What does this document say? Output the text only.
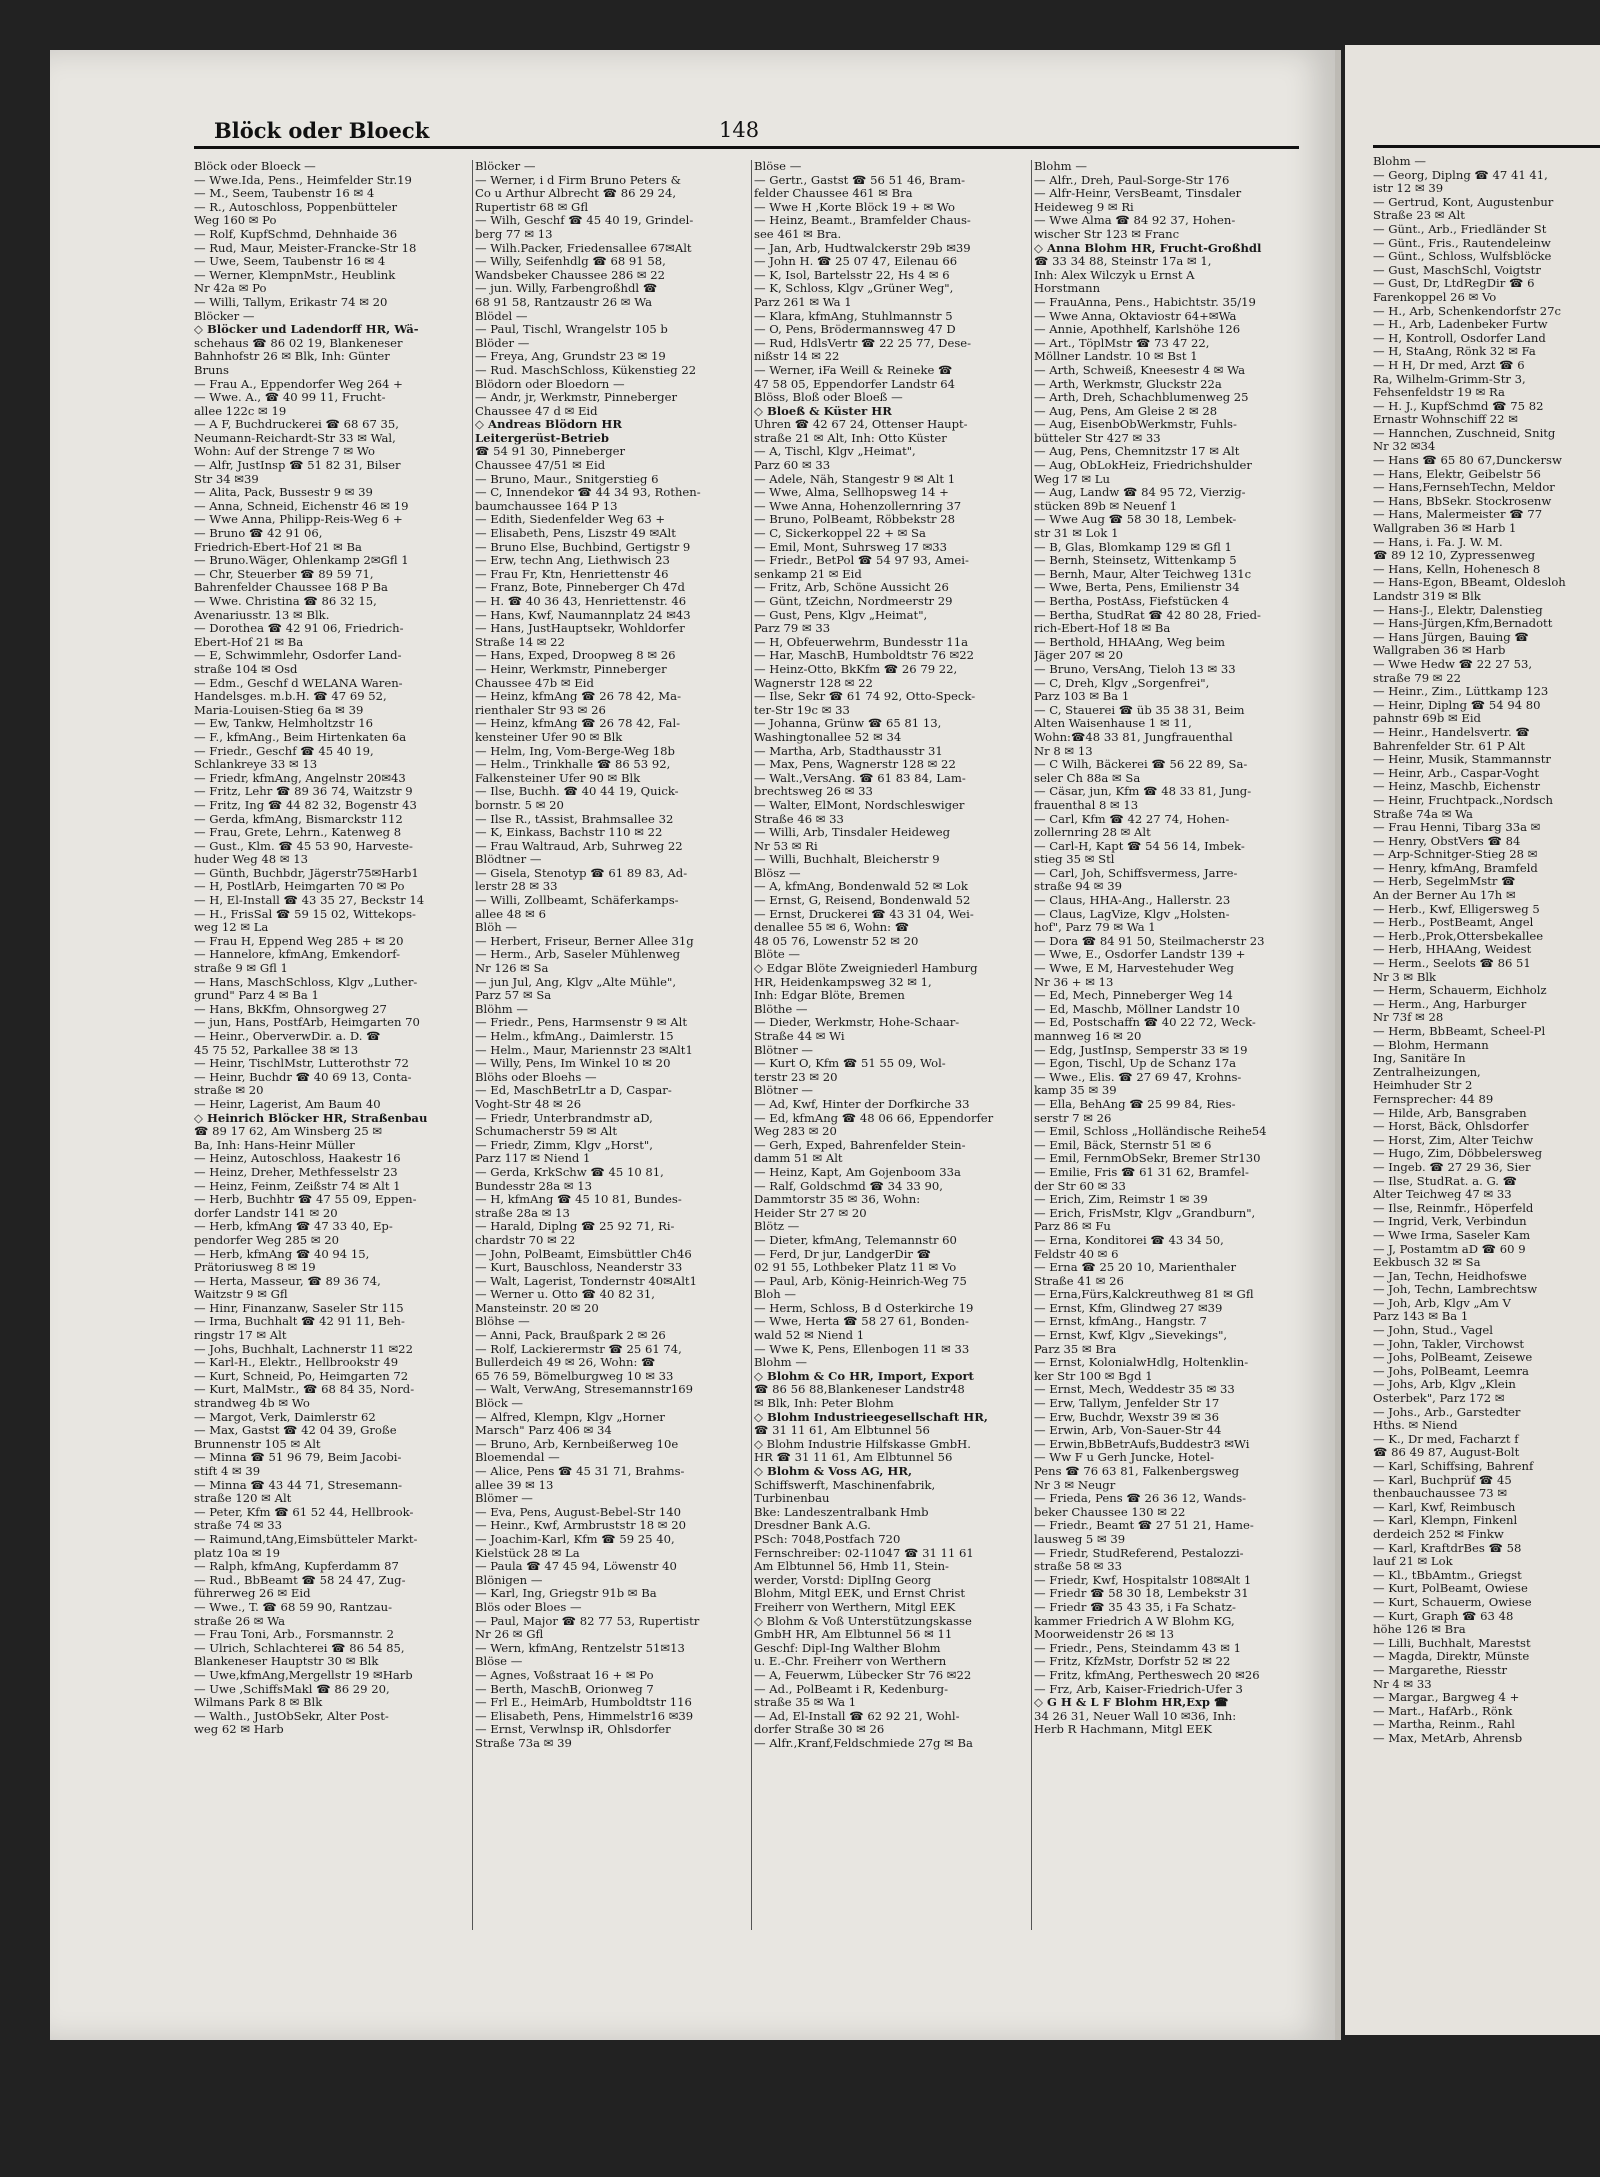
Blohm —
— Georg, Diplng ☎ 47 41 41,
istr 12 ✉ 39
— Gertrud, Kont, Augustenbur
Straße 23 ✉ Alt
— Günt., Arb., Friedländer St
— Günt., Fris., Rautendeleinw
— Günt., Schloss, Wulfsblöcke
— Gust, MaschSchl, Voigtstr
— Gust, Dr, LtdRegDir ☎ 6
Farenkoppel 26 ✉ Vo
— H., Arb, Schenkendorfstr 27c
— H., Arb, Ladenbeker Furtw
— H, Kontroll, Osdorfer Land
— H, StaAng, Rönk 32 ✉ Fa
— H H, Dr med, Arzt ☎ 6
Ra, Wilhelm-Grimm-Str 3,
Fehsenfeldstr 19 ✉ Ra
— H. J., KupfSchmd ☎ 75 82
Ernastr Wohnschiff 22 ✉
— Hannchen, Zuschneid, Snitg
Nr 32 ✉34
— Hans ☎ 65 80 67,Dunckersw
— Hans, Elektr, Geibelstr 56
— Hans,FernsehTechn, Meldor
— Hans, BbSekr. Stockrosenw
— Hans, Malermeister ☎ 77
Wallgraben 36 ✉ Harb 1
— Hans, i. Fa. J. W. M.
☎ 89 12 10, Zypressenweg
— Hans, Kelln, Hohenesch 8
— Hans-Egon, BBeamt, Oldesloh
Landstr 319 ✉ Blk
— Hans-J., Elektr, Dalenstieg
— Hans-Jürgen,Kfm,Bernadott
— Hans Jürgen, Bauing ☎
Wallgraben 36 ✉ Harb
— Wwe Hedw ☎ 22 27 53,
straße 79 ✉ 22
— Heinr., Zim., Lüttkamp 123
— Heinr, Diplng ☎ 54 94 80
pahnstr 69b ✉ Eid
— Heinr., Handelsvertr. ☎
Bahrenfelder Str. 61 P Alt
— Heinr, Musik, Stammannstr
— Heinr, Arb., Caspar-Voght
— Heinz, Maschb, Eichenstr
— Heinr, Fruchtpack.,Nordsch
Straße 74a ✉ Wa
— Frau Henni, Tibarg 33a ✉
— Henry, ObstVers ☎ 84
— Arp-Schnitger-Stieg 28 ✉
— Henry, kfmAng, Bramfeld
— Herb, SegelmMstr ☎
An der Berner Au 17h ✉
— Herb., Kwf, Elligersweg 5
— Herb., PostBeamt, Angel
— Herb.,Prok,Ottersbekallee
— Herb, HHAAng, Weidest
— Herm., Seelots ☎ 86 51
Nr 3 ✉ Blk
— Herm, Schauerm, Eichholz
— Herm., Ang, Harburger
Nr 73f ✉ 28
— Herm, BbBeamt, Scheel-Pl
— Blohm, Hermann
Ing, Sanitäre In
Zentralheizungen,
Heimhuder Str 2
Fernsprecher: 44 89
— Hilde, Arb, Bansgraben
— Horst, Bäck, Ohlsdorfer
— Horst, Zim, Alter Teichw
— Hugo, Zim, Döbbelersweg
— Ingeb. ☎ 27 29 36, Sier
— Ilse, StudRat. a. G. ☎
Alter Teichweg 47 ✉ 33
— Ilse, Reinmfr., Höperfeld
— Ingrid, Verk, Verbindun
— Wwe Irma, Saseler Kam
— J, Postamtm aD ☎ 60 9
Eekbusch 32 ✉ Sa
— Jan, Techn, Heidhofswe
— Joh, Techn, Lambrechtsw
— Joh, Arb, Klgv „Am V
Parz 143 ✉ Ba 1
— John, Stud., Vagel
— John, Takler, Virchowst
— Johs, PolBeamt, Zeisewe
— Johs, PolBeamt, Leemra
— Johs, Arb, Klgv „Klein
Osterbek", Parz 172 ✉
— Johs., Arb., Garstedter
Hths. ✉ Niend
— K., Dr med, Facharzt f
☎ 86 49 87, August-Bolt
— Karl, Schiffsing, Bahrenf
— Karl, Buchprüf ☎ 45
thenbauchaussee 73 ✉
— Karl, Kwf, Reimbusch
— Karl, Klempn, Finkenl
derdeich 252 ✉ Finkw
— Karl, KraftdrBes ☎ 58
lauf 21 ✉ Lok
— Kl., tBbAmtm., Griegst
— Kurt, PolBeamt, Owiese
— Kurt, Schauerm, Owiese
— Kurt, Graph ☎ 63 48
höhe 126 ✉ Bra
— Lilli, Buchhalt, Marestst
— Magda, Direktr, Münste
— Margarethe, Riesstr
Nr 4 ✉ 33
— Margar., Bargweg 4 +
— Mart., HafArb., Rönk
— Martha, Reinm., Rahl
— Max, MetArb, Ahrensb
Blöck oder Bloeck	148
Blöck oder Bloeck —
— Wwe.Ida, Pens., Heimfelder Str.19
— M., Seem, Taubenstr 16 ✉ 4
— R., Autoschloss, Poppenbütteler
Weg 160 ✉ Po
— Rolf, KupfSchmd, Dehnhaide 36
— Rud, Maur, Meister-Francke-Str 18
— Uwe, Seem, Taubenstr 16 ✉ 4
— Werner, KlempnMstr., Heublink
Nr 42a ✉ Po
— Willi, Tallym, Erikastr 74 ✉ 20
Blöcker —
◇ Blöcker und Ladendorff HR, Wä-
schehaus ☎ 86 02 19, Blankeneser
Bahnhofstr 26 ✉ Blk, Inh: Günter
Bruns
— Frau A., Eppendorfer Weg 264 +
— Wwe. A., ☎ 40 99 11, Frucht-
allee 122c ✉ 19
— A F, Buchdruckerei ☎ 68 67 35,
Neumann-Reichardt-Str 33 ✉ Wal,
Wohn: Auf der Strenge 7 ✉ Wo
— Alfr, JustInsp ☎ 51 82 31, Bilser
Str 34 ✉39
— Alita, Pack, Bussestr 9 ✉ 39
— Anna, Schneid, Eichenstr 46 ✉ 19
— Wwe Anna, Philipp-Reis-Weg 6 +
— Bruno ☎ 42 91 06,
Friedrich-Ebert-Hof 21 ✉ Ba
— Bruno.Wäger, Ohlenkamp 2✉Gfl 1
— Chr, Steuerber ☎ 89 59 71,
Bahrenfelder Chaussee 168 P Ba
— Wwe. Christina ☎ 86 32 15,
Avenariusstr. 13 ✉ Blk.
— Dorothea ☎ 42 91 06, Friedrich-
Ebert-Hof 21 ✉ Ba
— E, Schwimmlehr, Osdorfer Land-
straße 104 ✉ Osd
— Edm., Geschf d WELANA Waren-
Handelsges. m.b.H. ☎ 47 69 52,
Maria-Louisen-Stieg 6a ✉ 39
— Ew, Tankw, Helmholtzstr 16
— F., kfmAng., Beim Hirtenkaten 6a
— Friedr., Geschf ☎ 45 40 19,
Schlankreye 33 ✉ 13
— Friedr, kfmAng, Angelnstr 20✉43
— Fritz, Lehr ☎ 89 36 74, Waitzstr 9
— Fritz, Ing ☎ 44 82 32, Bogenstr 43
— Gerda, kfmAng, Bismarckstr 112
— Frau, Grete, Lehrn., Katenweg 8
— Gust., Klm. ☎ 45 53 90, Harveste-
huder Weg 48 ✉ 13
— Günth, Buchbdr, Jägerstr75✉Harb1
— H, PostlArb, Heimgarten 70 ✉ Po
— H, El-Install ☎ 43 35 27, Beckstr 14
— H., FrisSal ☎ 59 15 02, Wittekops-
weg 12 ✉ La
— Frau H, Eppend Weg 285 + ✉ 20
— Hannelore, kfmAng, Emkendorf-
straße 9 ✉ Gfl 1
— Hans, MaschSchloss, Klgv „Luther-
grund" Parz 4 ✉ Ba 1
— Hans, BkKfm, Ohnsorgweg 27
— jun, Hans, PostfArb, Heimgarten 70
— Heinr., OberverwDir. a. D. ☎
45 75 52, Parkallee 38 ✉ 13
— Heinr, TischlMstr, Lutterothstr 72
— Heinr, Buchdr ☎ 40 69 13, Conta-
straße ✉ 20
— Heinr, Lagerist, Am Baum 40
◇ Heinrich Blöcker HR, Straßenbau
☎ 89 17 62, Am Winsberg 25 ✉
Ba, Inh: Hans-Heinr Müller
— Heinz, Autoschloss, Haakestr 16
— Heinz, Dreher, Methfesselstr 23
— Heinz, Feinm, Zeißstr 74 ✉ Alt 1
— Herb, Buchhtr ☎ 47 55 09, Eppen-
dorfer Landstr 141 ✉ 20
— Herb, kfmAng ☎ 47 33 40, Ep-
pendorfer Weg 285 ✉ 20
— Herb, kfmAng ☎ 40 94 15,
Prätoriusweg 8 ✉ 19
— Herta, Masseur, ☎ 89 36 74,
Waitzstr 9 ✉ Gfl
— Hinr, Finanzanw, Saseler Str 115
— Irma, Buchhalt ☎ 42 91 11, Beh-
ringstr 17 ✉ Alt
— Johs, Buchhalt, Lachnerstr 11 ✉22
— Karl-H., Elektr., Hellbrookstr 49
— Kurt, Schneid, Po, Heimgarten 72
— Kurt, MalMstr., ☎ 68 84 35, Nord-
strandweg 4b ✉ Wo
— Margot, Verk, Daimlerstr 62
— Max, Gastst ☎ 42 04 39, Große
Brunnenstr 105 ✉ Alt
— Minna ☎ 51 96 79, Beim Jacobi-
stift 4 ✉ 39
— Minna ☎ 43 44 71, Stresemann-
straße 120 ✉ Alt
— Peter, Kfm ☎ 61 52 44, Hellbrook-
straße 74 ✉ 33
— Raimund,tAng,Eimsbütteler Markt-
platz 10a ✉ 19
— Ralph, kfmAng, Kupferdamm 87
— Rud., BbBeamt ☎ 58 24 47, Zug-
führerweg 26 ✉ Eid
— Wwe., T. ☎ 68 59 90, Rantzau-
straße 26 ✉ Wa
— Frau Toni, Arb., Forsmannstr. 2
— Ulrich, Schlachterei ☎ 86 54 85,
Blankeneser Hauptstr 30 ✉ Blk
— Uwe,kfmAng,Mergellstr 19 ✉Harb
— Uwe ,SchiffsMakl ☎ 86 29 20,
Wilmans Park 8 ✉ Blk
— Walth., JustObSekr, Alter Post-
weg 62 ✉ Harb
Blöcker —
— Werner, i d Firm Bruno Peters &
Co u Arthur Albrecht ☎ 86 29 24,
Rupertistr 68 ✉ Gfl
— Wilh, Geschf ☎ 45 40 19, Grindel-
berg 77 ✉ 13
— Wilh.Packer, Friedensallee 67✉Alt
— Willy, Seifenhdlg ☎ 68 91 58,
Wandsbeker Chaussee 286 ✉ 22
— jun. Willy, Farbengroßhdl ☎
68 91 58, Rantzaustr 26 ✉ Wa
Blödel —
— Paul, Tischl, Wrangelstr 105 b
Blöder —
— Freya, Ang, Grundstr 23 ✉ 19
— Rud. MaschSchloss, Kükenstieg 22
Blödorn oder Bloedorn —
— Andr, jr, Werkmstr, Pinneberger
Chaussee 47 d ✉ Eid
◇ Andreas Blödorn HR
Leitergerüst-Betrieb
☎ 54 91 30, Pinneberger
Chaussee 47/51 ✉ Eid
— Bruno, Maur., Snitgerstieg 6
— C, Innendekor ☎ 44 34 93, Rothen-
baumchaussee 164 P 13
— Edith, Siedenfelder Weg 63 +
— Elisabeth, Pens, Liszstr 49 ✉Alt
— Bruno Else, Buchbind, Gertigstr 9
— Erw, techn Ang, Liethwisch 23
— Frau Fr, Ktn, Henriettenstr 46
— Franz, Bote, Pinneberger Ch 47d
— H. ☎ 40 36 43, Henriettenstr. 46
— Hans, Kwf, Naumannplatz 24 ✉43
— Hans, JustHauptsekr, Wohldorfer
Straße 14 ✉ 22
— Hans, Exped, Droopweg 8 ✉ 26
— Heinr, Werkmstr, Pinneberger
Chaussee 47b ✉ Eid
— Heinz, kfmAng ☎ 26 78 42, Ma-
rienthaler Str 93 ✉ 26
— Heinz, kfmAng ☎ 26 78 42, Fal-
kensteiner Ufer 90 ✉ Blk
— Helm, Ing, Vom-Berge-Weg 18b
— Helm., Trinkhalle ☎ 86 53 92,
Falkensteiner Ufer 90 ✉ Blk
— Ilse, Buchh. ☎ 40 44 19, Quick-
bornstr. 5 ✉ 20
— Ilse R., tAssist, Brahmsallee 32
— K, Einkass, Bachstr 110 ✉ 22
— Frau Waltraud, Arb, Suhrweg 22
Blödtner —
— Gisela, Stenotyp ☎ 61 89 83, Ad-
lerstr 28 ✉ 33
— Willi, Zollbeamt, Schäferkamps-
allee 48 ✉ 6
Blöh —
— Herbert, Friseur, Berner Allee 31g
— Herm., Arb, Saseler Mühlenweg
Nr 126 ✉ Sa
— jun Jul, Ang, Klgv „Alte Mühle",
Parz 57 ✉ Sa
Blöhm —
— Friedr., Pens, Harmsenstr 9 ✉ Alt
— Helm., kfmAng., Daimlerstr. 15
— Helm., Maur, Mariennstr 23 ✉Alt1
— Willy, Pens, Im Winkel 10 ✉ 20
Blöhs oder Bloehs —
— Ed, MaschBetrLtr a D, Caspar-
Voght-Str 48 ✉ 26
— Friedr, Unterbrandmstr aD,
Schumacherstr 59 ✉ Alt
— Friedr, Zimm, Klgv „Horst",
Parz 117 ✉ Niend 1
— Gerda, KrkSchw ☎ 45 10 81,
Bundesstr 28a ✉ 13
— H, kfmAng ☎ 45 10 81, Bundes-
straße 28a ✉ 13
— Harald, Diplng ☎ 25 92 71, Ri-
chardstr 70 ✉ 22
— John, PolBeamt, Eimsbüttler Ch46
— Kurt, Bauschloss, Neanderstr 33
— Walt, Lagerist, Tondernstr 40✉Alt1
— Werner u. Otto ☎ 40 82 31,
Mansteinstr. 20 ✉ 20
Blöhse —
— Anni, Pack, Braußpark 2 ✉ 26
— Rolf, Lackierermstr ☎ 25 61 74,
Bullerdeich 49 ✉ 26, Wohn: ☎
65 76 59, Bömelburgweg 10 ✉ 33
— Walt, VerwAng, Stresemannstr169
Blöck —
— Alfred, Klempn, Klgv „Horner
Marsch" Parz 406 ✉ 34
— Bruno, Arb, Kernbeißerweg 10e
Bloemendal —
— Alice, Pens ☎ 45 31 71, Brahms-
allee 39 ✉ 13
Blömer —
— Eva, Pens, August-Bebel-Str 140
— Heinr., Kwf, Armbruststr 18 ✉ 20
— Joachim-Karl, Kfm ☎ 59 25 40,
Kielstück 28 ✉ La
— Paula ☎ 47 45 94, Löwenstr 40
Blönigen —
— Karl, Ing, Griegstr 91b ✉ Ba
Blös oder Bloes —
— Paul, Major ☎ 82 77 53, Rupertistr
Nr 26 ✉ Gfl
— Wern, kfmAng, Rentzelstr 51✉13
Blöse —
— Agnes, Voßstraat 16 + ✉ Po
— Berth, MaschB, Orionweg 7
— Frl E., HeimArb, Humboldtstr 116
— Elisabeth, Pens, Himmelstr16 ✉39
— Ernst, Verwlnsp iR, Ohlsdorfer
Straße 73a ✉ 39
Blöse —
— Gertr., Gastst ☎ 56 51 46, Bram-
felder Chaussee 461 ✉ Bra
— Wwe H ,Korte Blöck 19 + ✉ Wo
— Heinz, Beamt., Bramfelder Chaus-
see 461 ✉ Bra.
— Jan, Arb, Hudtwalckerstr 29b ✉39
— John H. ☎ 25 07 47, Eilenau 66
— K, Isol, Bartelsstr 22, Hs 4 ✉ 6
— K, Schloss, Klgv „Grüner Weg",
Parz 261 ✉ Wa 1
— Klara, kfmAng, Stuhlmannstr 5
— O, Pens, Brödermannsweg 47 D
— Rud, HdlsVertr ☎ 22 25 77, Dese-
nißstr 14 ✉ 22
— Werner, iFa Weill & Reineke ☎
47 58 05, Eppendorfer Landstr 64
Blöss, Bloß oder Bloeß —
◇ Bloeß & Küster HR
Uhren ☎ 42 67 24, Ottenser Haupt-
straße 21 ✉ Alt, Inh: Otto Küster
— A, Tischl, Klgv „Heimat",
Parz 60 ✉ 33
— Adele, Näh, Stangestr 9 ✉ Alt 1
— Wwe, Alma, Sellhopsweg 14 +
— Wwe Anna, Hohenzollernring 37
— Bruno, PolBeamt, Röbbekstr 28
— C, Sickerkoppel 22 + ✉ Sa
— Emil, Mont, Suhrsweg 17 ✉33
— Friedr., BetPol ☎ 54 97 93, Amei-
senkamp 21 ✉ Eid
— Fritz, Arb, Schöne Aussicht 26
— Günt, tZeichn, Nordmeerstr 29
— Gust, Pens, Klgv „Heimat",
Parz 79 ✉ 33
— H, Obfeuerwehrm, Bundesstr 11a
— Har, MaschB, Humboldtstr 76 ✉22
— Heinz-Otto, BkKfm ☎ 26 79 22,
Wagnerstr 128 ✉ 22
— Ilse, Sekr ☎ 61 74 92, Otto-Speck-
ter-Str 19c ✉ 33
— Johanna, Grünw ☎ 65 81 13,
Washingtonallee 52 ✉ 34
— Martha, Arb, Stadthausstr 31
— Max, Pens, Wagnerstr 128 ✉ 22
— Walt.,VersAng. ☎ 61 83 84, Lam-
brechtsweg 26 ✉ 33
— Walter, ElMont, Nordschleswiger
Straße 46 ✉ 33
— Willi, Arb, Tinsdaler Heideweg
Nr 53 ✉ Ri
— Willi, Buchhalt, Bleicherstr 9
Blösz —
— A, kfmAng, Bondenwald 52 ✉ Lok
— Ernst, G, Reisend, Bondenwald 52
— Ernst, Druckerei ☎ 43 31 04, Wei-
denallee 55 ✉ 6, Wohn: ☎
48 05 76, Lowenstr 52 ✉ 20
Blöte —
◇ Edgar Blöte Zweigniederl Hamburg
HR, Heidenkampsweg 32 ✉ 1,
Inh: Edgar Blöte, Bremen
Blöthe —
— Dieder, Werkmstr, Hohe-Schaar-
Straße 44 ✉ Wi
Blötner —
— Kurt O, Kfm ☎ 51 55 09, Wol-
terstr 23 ✉ 20
Blötner —
— Ad, Kwf, Hinter der Dorfkirche 33
— Ed, kfmAng ☎ 48 06 66, Eppendorfer
Weg 283 ✉ 20
— Gerh, Exped, Bahrenfelder Stein-
damm 51 ✉ Alt
— Heinz, Kapt, Am Gojenboom 33a
— Ralf, Goldschmd ☎ 34 33 90,
Dammtorstr 35 ✉ 36, Wohn:
Heider Str 27 ✉ 20
Blötz —
— Dieter, kfmAng, Telemannstr 60
— Ferd, Dr jur, LandgerDir ☎
02 91 55, Lothbeker Platz 11 ✉ Vo
— Paul, Arb, König-Heinrich-Weg 75
Bloh —
— Herm, Schloss, B d Osterkirche 19
— Wwe, Herta ☎ 58 27 61, Bonden-
wald 52 ✉ Niend 1
— Wwe K, Pens, Ellenbogen 11 ✉ 33
Blohm —
◇ Blohm & Co HR, Import, Export
☎ 86 56 88,Blankeneser Landstr48
✉ Blk, Inh: Peter Blohm
◇ Blohm Industrieegesellschaft HR,
☎ 31 11 61, Am Elbtunnel 56
◇ Blohm Industrie Hilfskasse GmbH.
HR ☎ 31 11 61, Am Elbtunnel 56
◇ Blohm & Voss AG, HR,
Schiffswerft, Maschinenfabrik,
Turbinenbau
Bke: Landeszentralbank Hmb
Dresdner Bank A.G.
PSch: 7048,Postfach 720
Fernschreiber: 02-11047 ☎ 31 11 61
Am Elbtunnel 56, Hmb 11, Stein-
werder, Vorstd: DiplIng Georg
Blohm, Mitgl EEK, und Ernst Christ
Freiherr von Werthern, Mitgl EEK
◇ Blohm & Voß Unterstützungskasse
GmbH HR, Am Elbtunnel 56 ✉ 11
Geschf: Dipl-Ing Walther Blohm
u. E.-Chr. Freiherr von Werthern
— A, Feuerwm, Lübecker Str 76 ✉22
— Ad., PolBeamt i R, Kedenburg-
straße 35 ✉ Wa 1
— Ad, El-Install ☎ 62 92 21, Wohl-
dorfer Straße 30 ✉ 26
— Alfr.,Kranf,Feldschmiede 27g ✉ Ba
Blohm —
— Alfr., Dreh, Paul-Sorge-Str 176
— Alfr-Heinr, VersBeamt, Tinsdaler
Heideweg 9 ✉ Ri
— Wwe Alma ☎ 84 92 37, Hohen-
wischer Str 123 ✉ Franc
◇ Anna Blohm HR, Frucht-Großhdl
☎ 33 34 88, Steinstr 17a ✉ 1,
Inh: Alex Wilczyk u Ernst A
Horstmann
— FrauAnna, Pens., Habichtstr. 35/19
— Wwe Anna, Oktaviostr 64+✉Wa
— Annie, Apothhelf, Karlshöhe 126
— Art., TöplMstr ☎ 73 47 22,
Möllner Landstr. 10 ✉ Bst 1
— Arth, Schweiß, Kneesestr 4 ✉ Wa
— Arth, Werkmstr, Gluckstr 22a
— Arth, Dreh, Schachblumenweg 25
— Aug, Pens, Am Gleise 2 ✉ 28
— Aug, EisenbObWerkmstr, Fuhls-
bütteler Str 427 ✉ 33
— Aug, Pens, Chemnitzstr 17 ✉ Alt
— Aug, ObLokHeiz, Friedrichshulder
Weg 17 ✉ Lu
— Aug, Landw ☎ 84 95 72, Vierzig-
stücken 89b ✉ Neuenf 1
— Wwe Aug ☎ 58 30 18, Lembek-
str 31 ✉ Lok 1
— B, Glas, Blomkamp 129 ✉ Gfl 1
— Bernh, Steinsetz, Wittenkamp 5
— Bernh, Maur, Alter Teichweg 131c
— Wwe, Berta, Pens, Emilienstr 34
— Bertha, PostAss, Fiefstücken 4
— Bertha, StudRat ☎ 42 80 28, Fried-
rich-Ebert-Hof 18 ✉ Ba
— Berthold, HHAAng, Weg beim
Jäger 207 ✉ 20
— Bruno, VersAng, Tieloh 13 ✉ 33
— C, Dreh, Klgv „Sorgenfrei",
Parz 103 ✉ Ba 1
— C, Stauerei ☎ üb 35 38 31, Beim
Alten Waisenhause 1 ✉ 11,
Wohn:☎48 33 81, Jungfrauenthal
Nr 8 ✉ 13
— C Wilh, Bäckerei ☎ 56 22 89, Sa-
seler Ch 88a ✉ Sa
— Cäsar, jun, Kfm ☎ 48 33 81, Jung-
frauenthal 8 ✉ 13
— Carl, Kfm ☎ 42 27 74, Hohen-
zollernring 28 ✉ Alt
— Carl-H, Kapt ☎ 54 56 14, Imbek-
stieg 35 ✉ Stl
— Carl, Joh, Schiffsvermess, Jarre-
straße 94 ✉ 39
— Claus, HHA-Ang., Hallerstr. 23
— Claus, LagVize, Klgv „Holsten-
hof", Parz 79 ✉ Wa 1
— Dora ☎ 84 91 50, Steilmacherstr 23
— Wwe, E., Osdorfer Landstr 139 +
— Wwe, E M, Harvestehuder Weg
Nr 36 + ✉ 13
— Ed, Mech, Pinneberger Weg 14
— Ed, Maschb, Möllner Landstr 10
— Ed, Postschaffn ☎ 40 22 72, Weck-
mannweg 16 ✉ 20
— Edg, JustInsp, Semperstr 33 ✉ 19
— Egon, Tischl, Up de Schanz 17a
— Wwe., Elis. ☎ 27 69 47, Krohns-
kamp 35 ✉ 39
— Ella, BehAng ☎ 25 99 84, Ries-
serstr 7 ✉ 26
— Emil, Schloss „Holländische Reihe54
— Emil, Bäck, Sternstr 51 ✉ 6
— Emil, FernmObSekr, Bremer Str130
— Emilie, Fris ☎ 61 31 62, Bramfel-
der Str 60 ✉ 33
— Erich, Zim, Reimstr 1 ✉ 39
— Erich, FrisMstr, Klgv „Grandburn",
Parz 86 ✉ Fu
— Erna, Konditorei ☎ 43 34 50,
Feldstr 40 ✉ 6
— Erna ☎ 25 20 10, Marienthaler
Straße 41 ✉ 26
— Erna,Fürs,Kalckreuthweg 81 ✉ Gfl
— Ernst, Kfm, Glindweg 27 ✉39
— Ernst, kfmAng., Hangstr. 7
— Ernst, Kwf, Klgv „Sievekings",
Parz 35 ✉ Bra
— Ernst, KolonialwHdlg, Holtenklin-
ker Str 100 ✉ Bgd 1
— Ernst, Mech, Weddestr 35 ✉ 33
— Erw, Tallym, Jenfelder Str 17
— Erw, Buchdr, Wexstr 39 ✉ 36
— Erwin, Arb, Von-Sauer-Str 44
— Erwin,BbBetrAufs,Buddestr3 ✉Wi
— Ww F u Gerh Juncke, Hotel-
Pens ☎ 76 63 81, Falkenbergsweg
Nr 3 ✉ Neugr
— Frieda, Pens ☎ 26 36 12, Wands-
beker Chaussee 130 ✉ 22
— Friedr., Beamt ☎ 27 51 21, Hame-
lausweg 5 ✉ 39
— Friedr, StudReferend, Pestalozzi-
straße 58 ✉ 33
— Friedr, Kwf, Hospitalstr 108✉Alt 1
— Friedr ☎ 58 30 18, Lembekstr 31
— Friedr ☎ 35 43 35, i Fa Schatz-
kammer Friedrich A W Blohm KG,
Moorweidenstr 26 ✉ 13
— Friedr., Pens, Steindamm 43 ✉ 1
— Fritz, KfzMstr, Dorfstr 52 ✉ 22
— Fritz, kfmAng, Pertheswech 20 ✉26
— Frz, Arb, Kaiser-Friedrich-Ufer 3
◇ G H & L F Blohm HR,Exp ☎
34 26 31, Neuer Wall 10 ✉36, Inh:
Herb R Hachmann, Mitgl EEK
